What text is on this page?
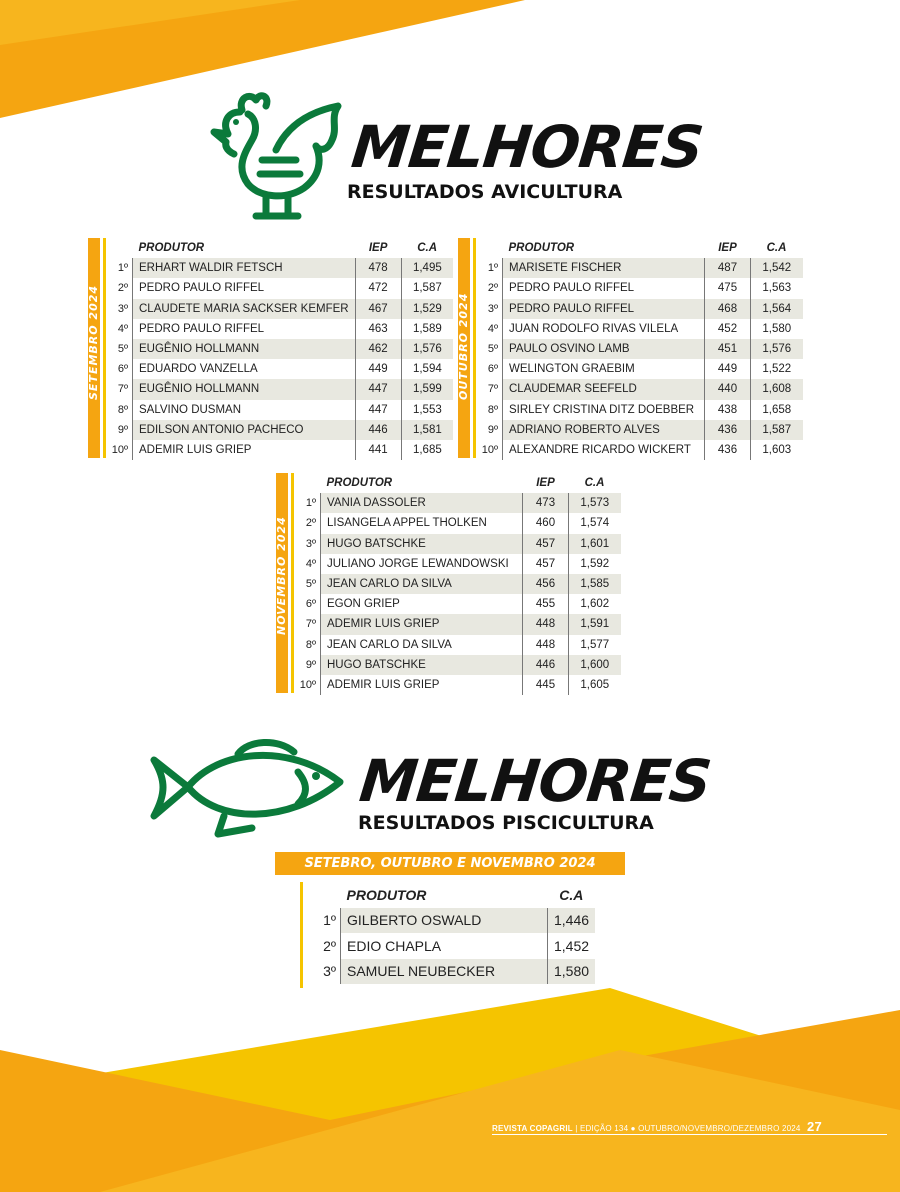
MELHORES
RESULTADOS AVICULTURA
SETEMBRO 2024
	PRODUTOR	IEP	C.A
1º	ERHART WALDIR FETSCH	478	1,495
2º	PEDRO PAULO RIFFEL	472	1,587
3º	CLAUDETE MARIA SACKSER KEMFER	467	1,529
4º	PEDRO PAULO RIFFEL	463	1,589
5º	EUGÊNIO HOLLMANN	462	1,576
6º	EDUARDO VANZELLA	449	1,594
7º	EUGÊNIO HOLLMANN	447	1,599
8º	SALVINO DUSMAN	447	1,553
9º	EDILSON ANTONIO PACHECO	446	1,581
10º	ADEMIR LUIS GRIEP	441	1,685
OUTUBRO 2024
	PRODUTOR	IEP	C.A
1º	MARISETE FISCHER	487	1,542
2º	PEDRO PAULO RIFFEL	475	1,563
3º	PEDRO PAULO RIFFEL	468	1,564
4º	JUAN RODOLFO RIVAS VILELA	452	1,580
5º	PAULO OSVINO LAMB	451	1,576
6º	WELINGTON GRAEBIM	449	1,522
7º	CLAUDEMAR SEEFELD	440	1,608
8º	SIRLEY CRISTINA DITZ DOEBBER	438	1,658
9º	ADRIANO ROBERTO ALVES	436	1,587
10º	ALEXANDRE RICARDO WICKERT	436	1,603
NOVEMBRO 2024
	PRODUTOR	IEP	C.A
1º	VANIA DASSOLER	473	1,573
2º	LISANGELA APPEL THOLKEN	460	1,574
3º	HUGO BATSCHKE	457	1,601
4º	JULIANO JORGE LEWANDOWSKI	457	1,592
5º	JEAN CARLO DA SILVA	456	1,585
6º	EGON GRIEP	455	1,602
7º	ADEMIR LUIS GRIEP	448	1,591
8º	JEAN CARLO DA SILVA	448	1,577
9º	HUGO BATSCHKE	446	1,600
10º	ADEMIR LUIS GRIEP	445	1,605
MELHORES
RESULTADOS PISCICULTURA
SETEBRO, OUTUBRO E NOVEMBRO 2024
	PRODUTOR	C.A
1º	GILBERTO OSWALD	1,446
2º	EDIO CHAPLA	1,452
3º	SAMUEL NEUBECKER	1,580
REVISTA COPAGRIL | EDIÇÃO 134 ● OUTUBRO/NOVEMBRO/DEZEMBRO 2024 27
